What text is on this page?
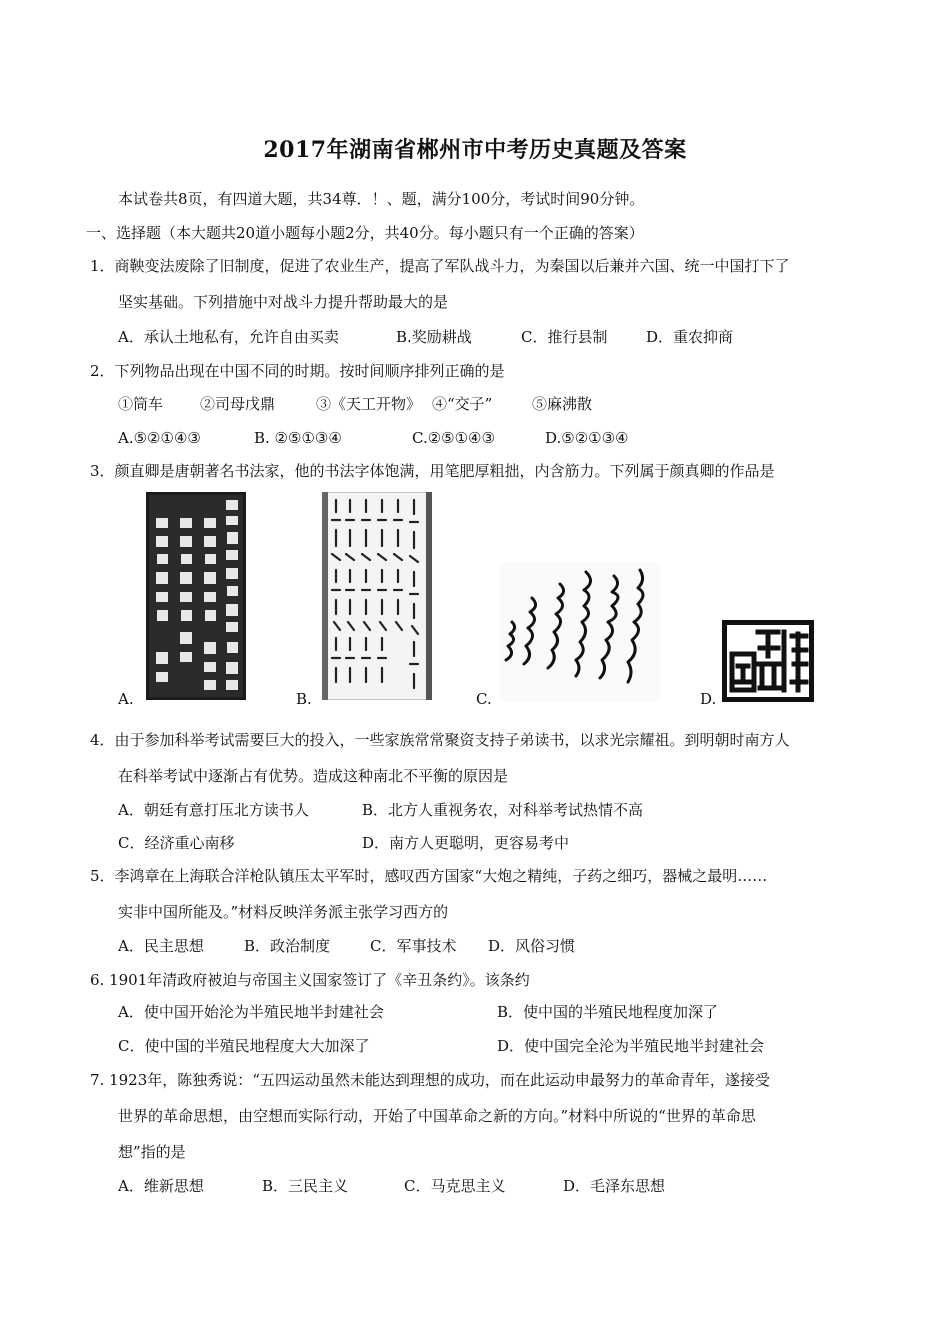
2017年湖南省郴州市中考历史真题及答案
本试卷共8页，有四道大题，共34尊．！、题，满分100分，考试时间90分钟。
一、选择题（本大题共20道小题每小题2分，共40分。每小题只有一个正确的答案）
1．商鞅变法废除了旧制度，促进了农业生产，提高了军队战斗力，为秦国以后兼并六国、统一中国打下了
坚实基础。下列措施中对战斗力提升帮助最大的是
A．承认土地私有，允许自由买卖	B.奖励耕战	C．推行县制	D．重农抑商
2．下列物品出现在中国不同的时期。按时间顺序排列正确的是
①筒车 ②司母戊鼎	③《天工开物》 ④“交子”	⑤麻沸散
A.⑤②①④③	B. ②⑤①③④	C.②⑤①④③	D.⑤②①③④
3．颜直卿是唐朝著名书法家，他的书法字体饱满，用笔肥厚粗拙，内含筋力。下列属于颜真卿的作品是
A.	B.	C.	D.
4．由于参加科举考试需要巨大的投入，一些家族常常聚资支持子弟读书，以求光宗耀祖。到明朝时南方人
在科举考试中逐渐占有优势。造成这种南北不平衡的原因是
A．朝廷有意打压北方读书人	B．北方人重视务农，对科举考试热情不高
C．经济重心南移	D．南方人更聪明，更容易考中
5．李鸿章在上海联合洋枪队镇压太平军时，感叹西方国家“大炮之精纯，子药之细巧，器械之最明……
实非中国所能及。”材料反映洋务派主张学习西方的
A．民主思想	B．政治制度	C．军事技术 D．风俗习惯
6. 1901年清政府被迫与帝国主义国家签订了《辛丑条约》。该条约
A．使中国开始沦为半殖民地半封建社会	B．使中国的半殖民地程度加深了
C．使中国的半殖民地程度大大加深了	D．使中国完全沦为半殖民地半封建社会
7. 1923年，陈独秀说：“五四运动虽然未能达到理想的成功，而在此运动申最努力的革命青年，遂接受
世界的革命思想，由空想而实际行动，开始了中国革命之新的方向。”材料中所说的“世界的革命思
想”指的是
A．维新思想	B．三民主义	C．马克思主义	D．毛泽东思想
